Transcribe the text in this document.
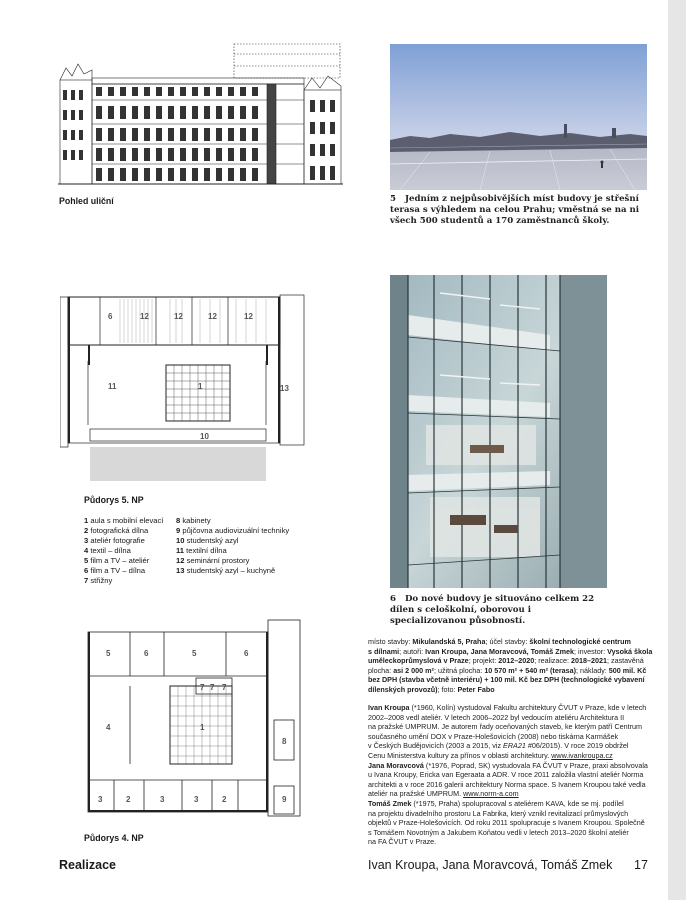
Pohled uliční	5 Jedním z nejpůsobivějších míst budovy je střešní terasa s výhledem na celou Prahu; vměstná se na ni všech 500 studentů a 170 zaměstnanců školy.
6	12	12	12	12
11	1	13
10
Půdorys 5. NP
1 aula s mobilní elevací
2 fotografická dílna
3 ateliér fotografie
4 textil – dílna
5 film a TV – ateliér
6 film a TV – dílna
7 střižny
8 kabinety
9 půjčovna audiovizuální techniky
10 studentský azyl
11 textilní dílna
12 seminární prostory
13 studentský azyl – kuchyně
6 Do nové budovy je situováno celkem 22 dílen s celoškolní, oborovou i specializovanou působností.
5	6	5	6
7 7 7
4	1
8
3	2	3	3	2	9
Půdorys 4. NP
místo stavby: Mikulandská 5, Praha; účel stavby: školní technologické centrum
s dílnami; autoři: Ivan Kroupa, Jana Moravcová, Tomáš Zmek; investor: Vysoká škola
uměleckoprůmyslová v Praze; projekt: 2012–2020; realizace: 2018–2021; zastavěná
plocha: asi 2 000 m²; užitná plocha: 10 570 m² + 540 m² (terasa); náklady: 500 mil. Kč
bez DPH (stavba včetně interiéru) + 100 mil. Kč bez DPH (technologické vybavení
dílenských provozů); foto: Peter Fabo
Ivan Kroupa (*1960, Kolín) vystudoval Fakultu architektury ČVUT v Praze, kde v letech
2002–2008 vedl ateliér. V letech 2006–2022 byl vedoucím ateliéru Architektura II
na pražské UMPRUM. Je autorem řady oceňovaných staveb, ke kterým patří Centrum
současného umění DOX v Praze-Holešovicích (2008) nebo tiskárna Karmášek
v Českých Budějovicích (2003 a 2015, viz ERA21 #06/2015). V roce 2019 obdržel
Cenu Ministerstva kultury za přínos v oblasti architektury. www.ivankroupa.cz
Jana Moravcová (*1976, Poprad, SK) vystudovala FA ČVUT v Praze, praxi absolvovala
u Ivana Kroupy, Ericka van Egeraata a ADR. V roce 2011 založila vlastní ateliér Norma
architekti a v roce 2016 galerii architektury Norma space. S Ivanem Kroupou také vedla
ateliér na pražské UMPRUM. www.norm-a.com
Tomáš Zmek (*1975, Praha) spolupracoval s ateliérem KAVA, kde se mj. podílel
na projektu divadelního prostoru La Fabrika, který vznikl revitalizací průmyslových
objektů v Praze-Holešovicích. Od roku 2011 spolupracuje s Ivanem Kroupou. Společně
s Tomášem Novotným a Jakubem Koňatou vedli v letech 2013–2020 školní ateliér
na FA ČVUT v Praze.
Realizace	Ivan Kroupa, Jana Moravcová, Tomáš Zmek 17
